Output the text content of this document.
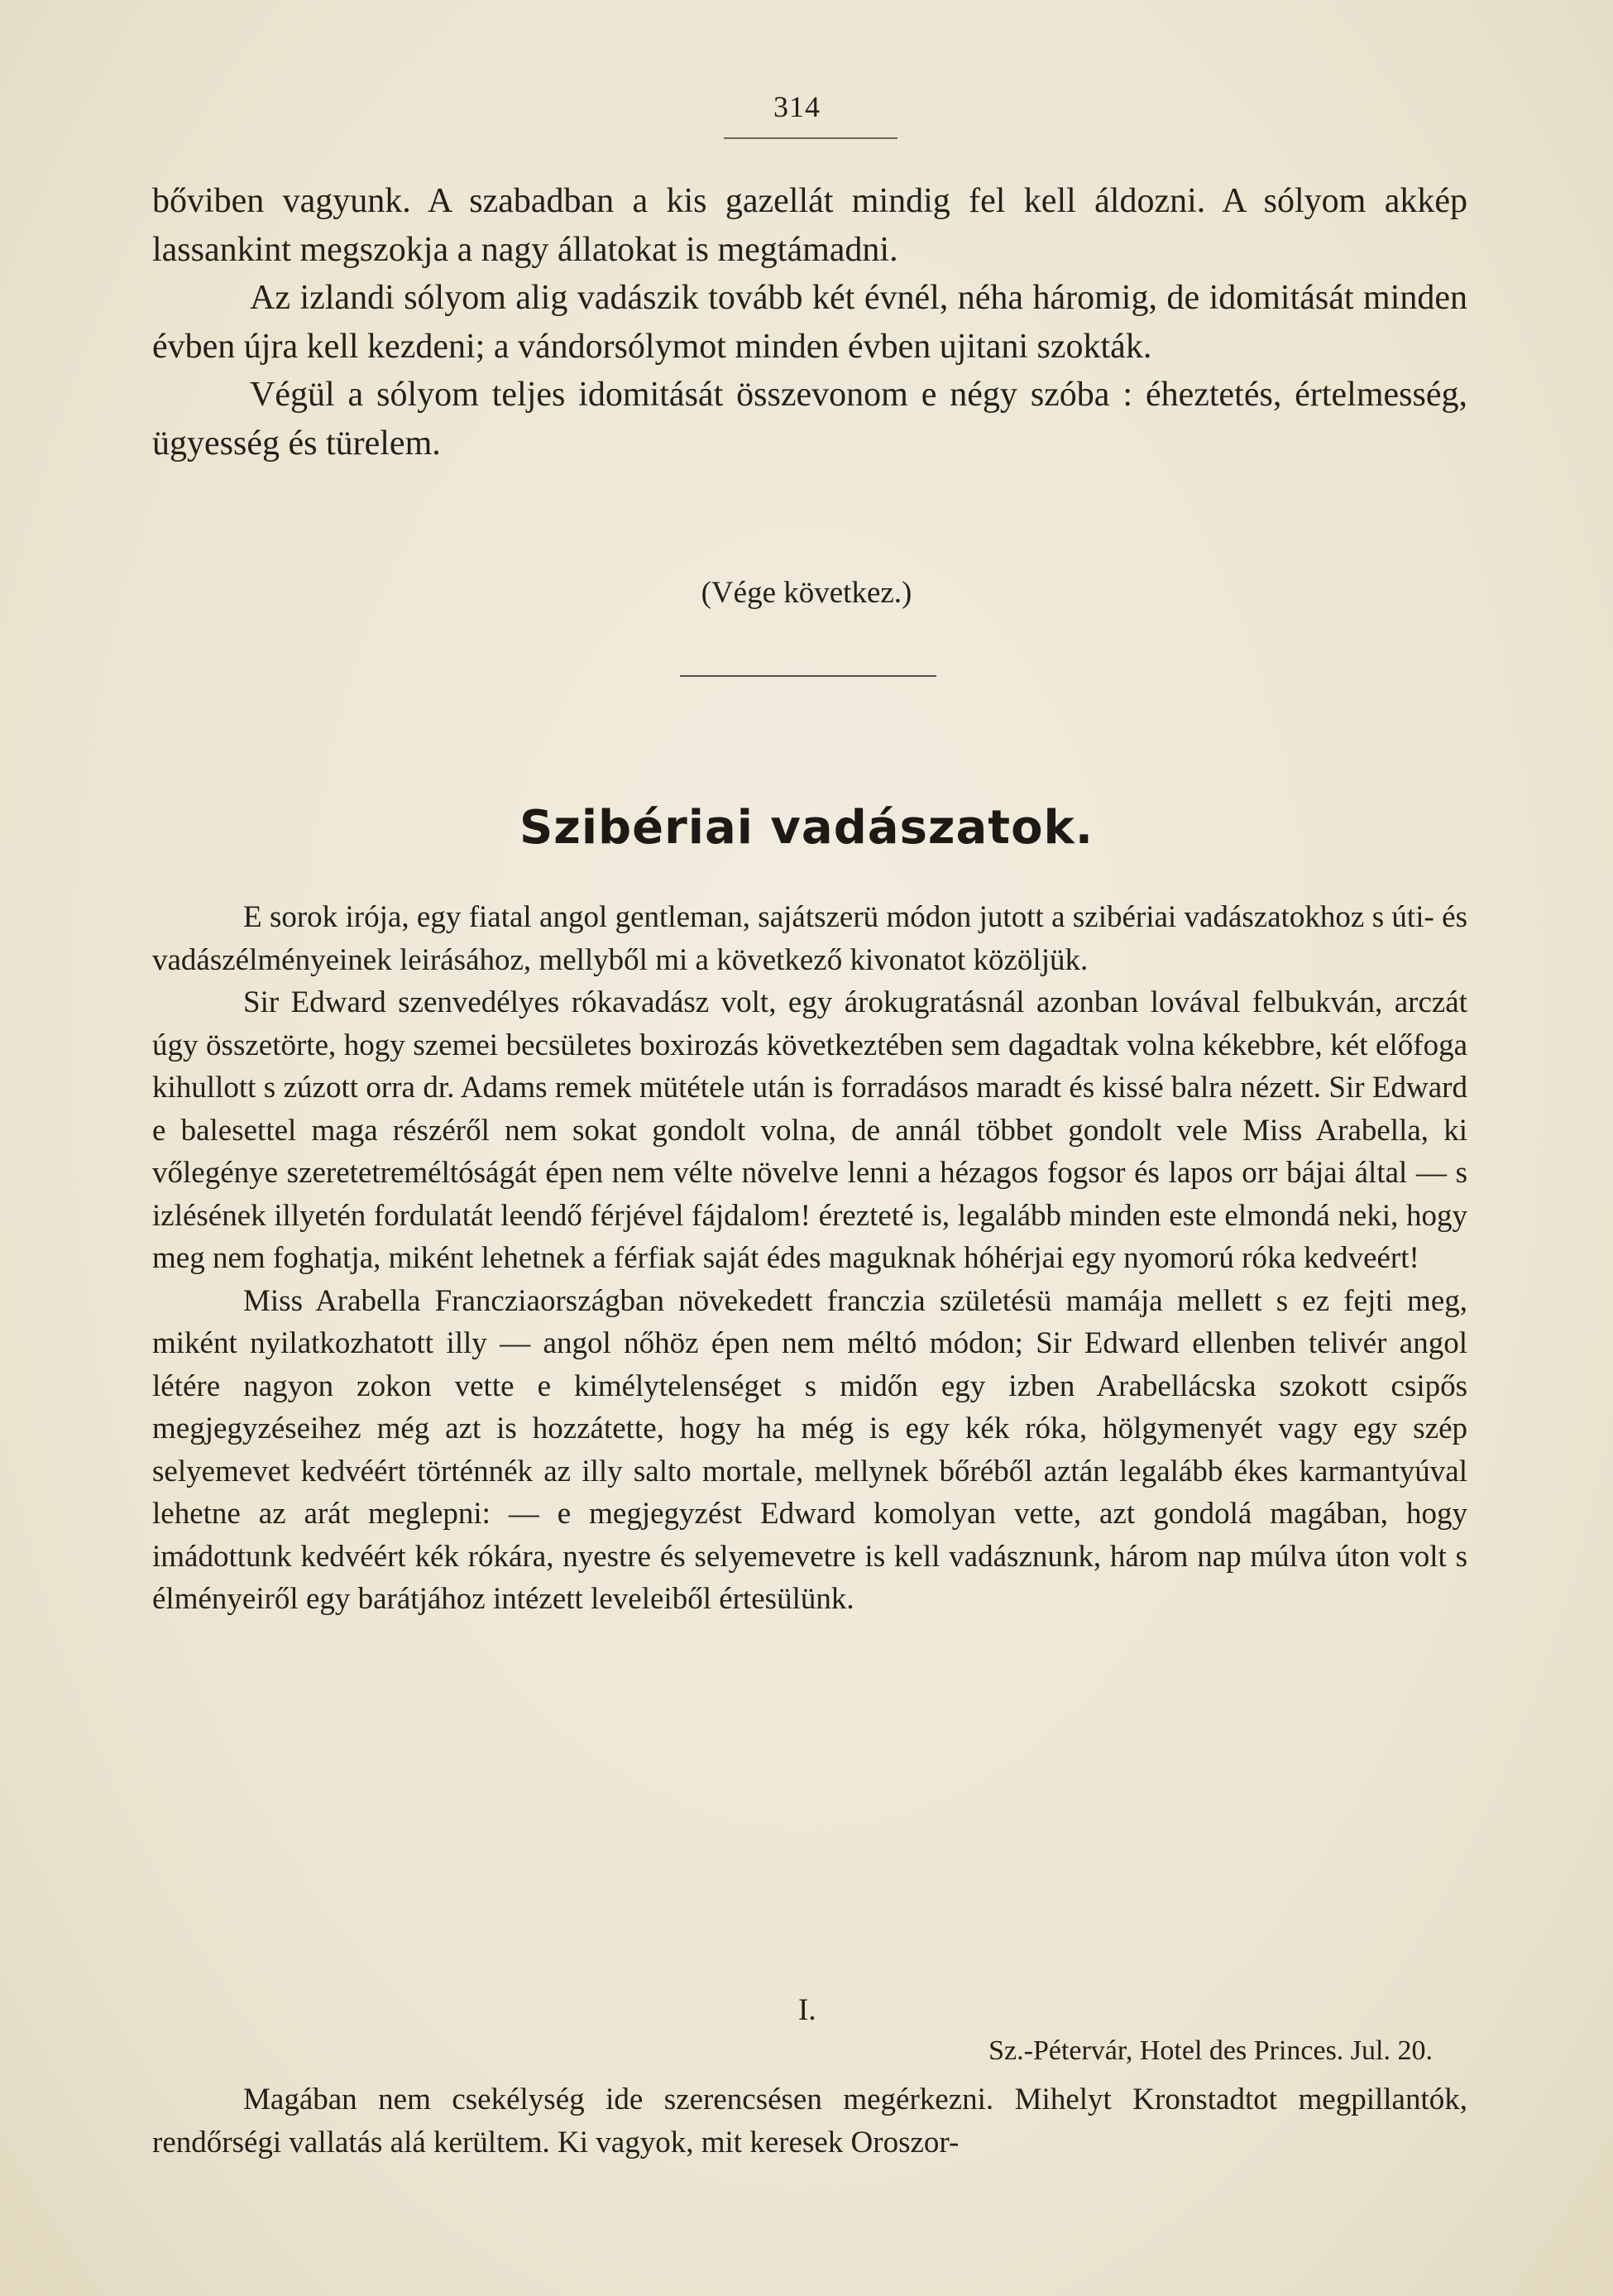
314

bőviben vagyunk. A szabadban a kis gazellát mindig fel kell áldozni. A sólyom akkép lassankint megszokja a nagy állatokat is megtámadni.

Az izlandi sólyom alig vadászik tovább két évnél, néha háromig, de idomitását minden évben újra kell kezdeni; a vándorsólymot minden évben ujitani szokták.

Végül a sólyom teljes idomitását összevonom e négy szóba : éheztetés, értelmesség, ügyesség és türelem.

(Vége következ.)
Szibériai vadászatok.

E sorok irója, egy fiatal angol gentleman, sajátszerü módon jutott a szibériai vadászatokhoz s úti- és vadászélményeinek leirásához, mellyből mi a következő kivonatot közöljük.

Sir Edward szenvedélyes rókavadász volt, egy árokugratásnál azonban lovával felbukván, arczát úgy összetörte, hogy szemei becsületes boxirozás következtében sem dagadtak volna kékebbre, két előfoga kihullott s zúzott orra dr. Adams remek mütétele után is forradásos maradt és kissé balra nézett. Sir Edward e balesettel maga részéről nem sokat gondolt volna, de annál többet gondolt vele Miss Arabella, ki vőlegénye szeretetreméltóságát épen nem vélte növelve lenni a hézagos fogsor és lapos orr bájai által — s izlésének illyetén fordulatát leendő férjével fájdalom! érezteté is, legalább minden este elmondá neki, hogy meg nem foghatja, miként lehetnek a férfiak saját édes maguknak hóhérjai egy nyomorú róka kedveért!

Miss Arabella Francziaországban növekedett franczia születésü mamája mellett s ez fejti meg, miként nyilatkozhatott illy — angol nőhöz épen nem méltó módon; Sir Edward ellenben telivér angol létére nagyon zokon vette e kimélytelenséget s midőn egy izben Arabellácska szokott csipős megjegyzéseihez még azt is hozzátette, hogy ha még is egy kék róka, hölgymenyét vagy egy szép selyemevet kedvéért történnék az illy salto mortale, mellynek bőréből aztán legalább ékes karmantyúval lehetne az arát meglepni: — e megjegyzést Edward komolyan vette, azt gondolá magában, hogy imádottunk kedvéért kék rókára, nyestre és selyemevetre is kell vadásznunk, három nap múlva úton volt s élményeiről egy barátjához intézett leveleiből értesülünk.

I.
Sz.-Pétervár, Hotel des Princes. Jul. 20.

Magában nem csekélység ide szerencsésen megérkezni. Mihelyt Kronstadtot megpillantók, rendőrségi vallatás alá kerültem. Ki vagyok, mit keresek Oroszor-
